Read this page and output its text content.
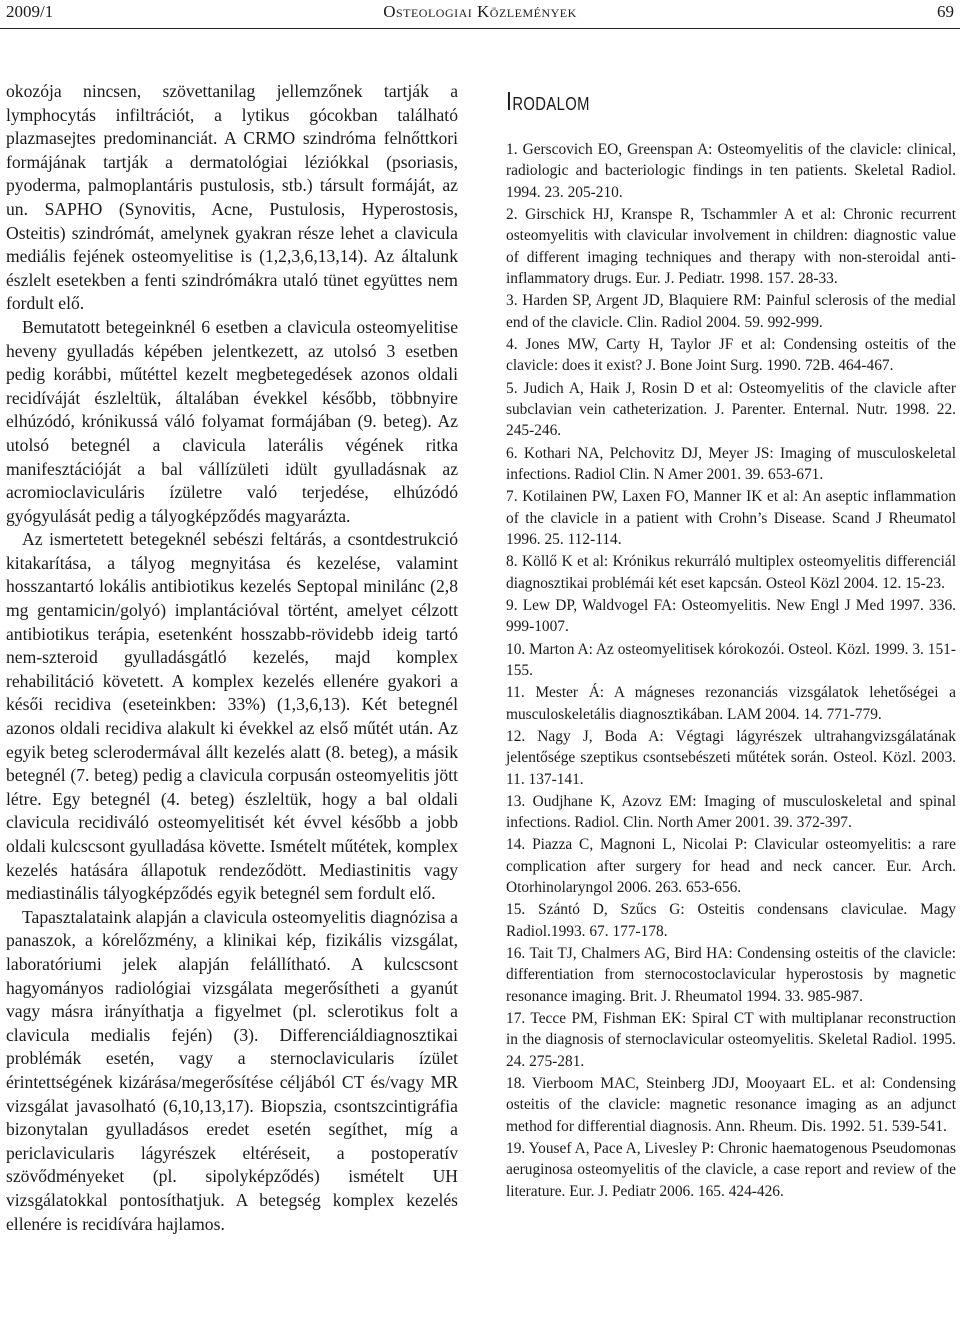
2009/1	Osteologiai Közlemények	69

okozója nincsen, szövettanilag jellemzőnek tartják a lymphocytás infiltrációt, a lytikus gócokban található plazmasejtes predominanciát. A CRMO szindróma felnőttkori formájának tartják a dermatológiai léziókkal (psoriasis, pyoderma, palmoplantáris pustulosis, stb.) társult formáját, az un. SAPHO (Synovitis, Acne, Pustulosis, Hyperostosis, Osteitis) szindrómát, amelynek gyakran része lehet a clavicula mediális fejének osteomyelitise is (1,2,3,6,13,14). Az általunk észlelt esetekben a fenti szindrómákra utaló tünet együttes nem fordult elő.

Bemutatott betegeinknél 6 esetben a clavicula osteomyelitise heveny gyulladás képében jelentkezett, az utolsó 3 esetben pedig korábbi, műtéttel kezelt megbetegedések azonos oldali recidíváját észleltük, általában évekkel később, többnyire elhúzódó, krónikussá váló folyamat formájában (9. beteg). Az utolsó betegnél a clavicula laterális végének ritka manifesztációját a bal vállízületi idült gyulladásnak az acromioclaviculáris ízületre való terjedése, elhúzódó gyógyulását pedig a tályogképződés magyarázta.

Az ismertetett betegeknél sebészi feltárás, a csontdestrukció kitakarítása, a tályog megnyitása és kezelése, valamint hosszantartó lokális antibiotikus kezelés Septopal minilánc (2,8 mg gentamicin/golyó) implantációval történt, amelyet célzott antibiotikus terápia, esetenként hosszabb-rövidebb ideig tartó nem-szteroid gyulladásgátló kezelés, majd komplex rehabilitáció követett. A komplex kezelés ellenére gyakori a késői recidiva (eseteinkben: 33%) (1,3,6,13). Két betegnél azonos oldali recidiva alakult ki évekkel az első műtét után. Az egyik beteg sclerodermával állt kezelés alatt (8. beteg), a másik betegnél (7. beteg) pedig a clavicula corpusán osteomyelitis jött létre. Egy betegnél (4. beteg) észleltük, hogy a bal oldali clavicula recidiváló osteomyelitisét két évvel később a jobb oldali kulcscsont gyulladása követte. Ismételt műtétek, komplex kezelés hatására állapotuk rendeződött. Mediastinitis vagy mediastinális tályogképződés egyik betegnél sem fordult elő.

Tapasztalataink alapján a clavicula osteomyelitis diagnózisa a panaszok, a kórelőzmény, a klinikai kép, fizikális vizsgálat, laboratóriumi jelek alapján felállítható. A kulcscsont hagyományos radiológiai vizsgálata megerősítheti a gyanút vagy másra irányíthatja a figyelmet (pl. sclerotikus folt a clavicula medialis fején) (3). Differenciáldiagnosztikai problémák esetén, vagy a sternoclavicularis ízület érintettségének kizárása/megerősítése céljából CT és/vagy MR vizsgálat javasolható (6,10,13,17). Biopszia, csontszcintigráfia bizonytalan gyulladásos eredet esetén segíthet, míg a periclavicularis lágyrészek eltéréseit, a postoperatív szövődményeket (pl. sipolyképződés) ismételt UH vizsgálatokkal pontosíthatjuk. A betegség komplex kezelés ellenére is recidívára hajlamos.

Irodalom
1. Gerscovich EO, Greenspan A: Osteomyelitis of the clavicle: clinical, radiologic and bacteriologic findings in ten patients. Skeletal Radiol. 1994. 23. 205-210.
2. Girschick HJ, Kranspe R, Tschammler A et al: Chronic recurrent osteomyelitis with clavicular involvement in children: diagnostic value of different imaging techniques and therapy with non-steroidal anti-inflammatory drugs. Eur. J. Pediatr. 1998. 157. 28-33.
3. Harden SP, Argent JD, Blaquiere RM: Painful sclerosis of the medial end of the clavicle. Clin. Radiol 2004. 59. 992-999.
4. Jones MW, Carty H, Taylor JF et al: Condensing osteitis of the clavicle: does it exist? J. Bone Joint Surg. 1990. 72B. 464-467.
5. Judich A, Haik J, Rosin D et al: Osteomyelitis of the clavicle after subclavian vein catheterization. J. Parenter. Enternal. Nutr. 1998. 22. 245-246.
6. Kothari NA, Pelchovitz DJ, Meyer JS: Imaging of musculoskeletal infections. Radiol Clin. N Amer 2001. 39. 653-671.
7. Kotilainen PW, Laxen FO, Manner IK et al: An aseptic inflammation of the clavicle in a patient with Crohn’s Disease. Scand J Rheumatol 1996. 25. 112-114.
8. Köllő K et al: Krónikus rekurráló multiplex osteomyelitis differenciál diagnosztikai problémái két eset kapcsán. Osteol Közl 2004. 12. 15-23.
9. Lew DP, Waldvogel FA: Osteomyelitis. New Engl J Med 1997. 336. 999-1007.
10. Marton A: Az osteomyelitisek kórokozói. Osteol. Közl. 1999. 3. 151-155.
11. Mester Á: A mágneses rezonanciás vizsgálatok lehetőségei a musculoskeletális diagnosztikában. LAM 2004. 14. 771-779.
12. Nagy J, Boda A: Végtagi lágyrészek ultrahangvizsgálatának jelentősége szeptikus csontsebészeti műtétek során. Osteol. Közl. 2003. 11. 137-141.
13. Oudjhane K, Azovz EM: Imaging of musculoskeletal and spinal infections. Radiol. Clin. North Amer 2001. 39. 372-397.
14. Piazza C, Magnoni L, Nicolai P: Clavicular osteomyelitis: a rare complication after surgery for head and neck cancer. Eur. Arch. Otorhinolaryngol 2006. 263. 653-656.
15. Szántó D, Szűcs G: Osteitis condensans claviculae. Magy Radiol.1993. 67. 177-178.
16. Tait TJ, Chalmers AG, Bird HA: Condensing osteitis of the clavicle: differentiation from sternocostoclavicular hyperostosis by magnetic resonance imaging. Brit. J. Rheumatol 1994. 33. 985-987.
17. Tecce PM, Fishman EK: Spiral CT with multiplanar reconstruction in the diagnosis of sternoclavicular osteomyelitis. Skeletal Radiol. 1995. 24. 275-281.
18. Vierboom MAC, Steinberg JDJ, Mooyaart EL. et al: Condensing osteitis of the clavicle: magnetic resonance imaging as an adjunct method for differential diagnosis. Ann. Rheum. Dis. 1992. 51. 539-541.
19. Yousef A, Pace A, Livesley P: Chronic haematogenous Pseudomonas aeruginosa osteomyelitis of the clavicle, a case report and review of the literature. Eur. J. Pediatr 2006. 165. 424-426.
